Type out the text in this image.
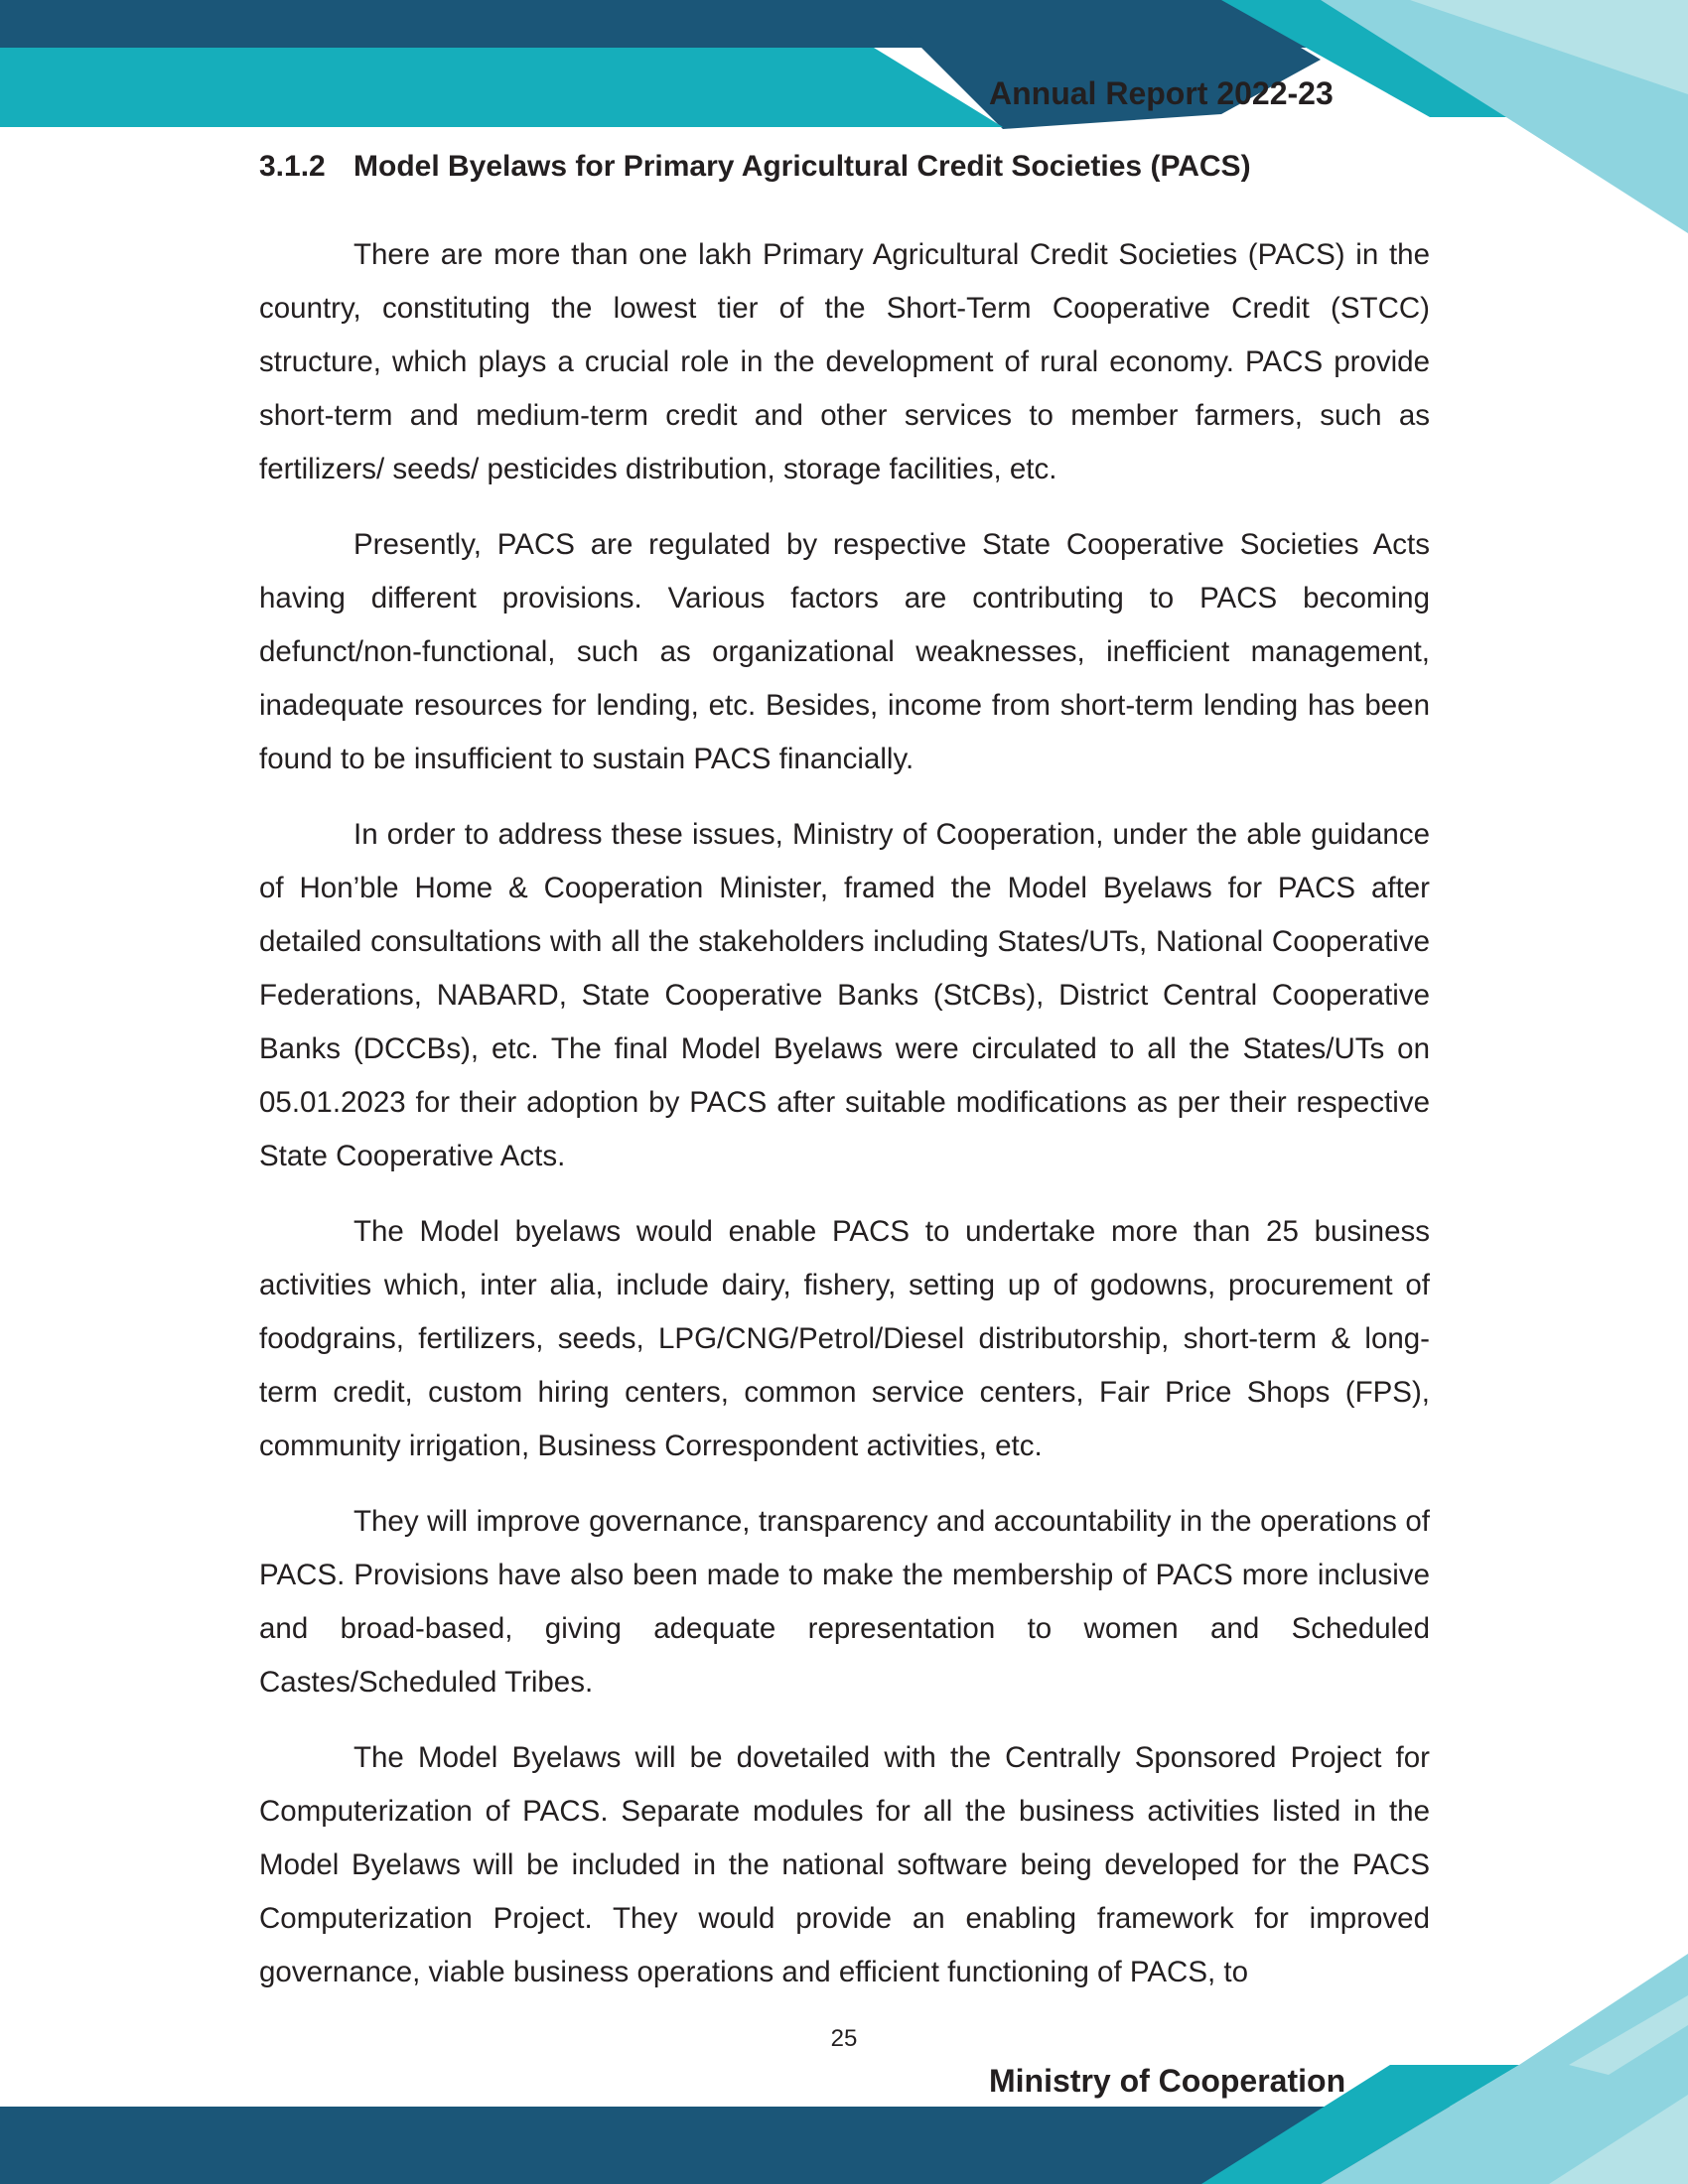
Annual Report 2022-23
3.1.2 Model Byelaws for Primary Agricultural Credit Societies (PACS)

There are more than one lakh Primary Agricultural Credit Societies (PACS) in the country, constituting the lowest tier of the Short-Term Cooperative Credit (STCC) structure, which plays a crucial role in the development of rural economy. PACS provide short-term and medium-term credit and other services to member farmers, such as fertilizers/ seeds/ pesticides distribution, storage facilities, etc.

Presently, PACS are regulated by respective State Cooperative Societies Acts having different provisions. Various factors are contributing to PACS becoming defunct/non-functional, such as organizational weaknesses, inefficient management, inadequate resources for lending, etc. Besides, income from short-term lending has been found to be insufficient to sustain PACS financially.

In order to address these issues, Ministry of Cooperation, under the able guidance of Hon’ble Home & Cooperation Minister, framed the Model Byelaws for PACS after detailed consultations with all the stakeholders including States/UTs, National Cooperative Federations, NABARD, State Cooperative Banks (StCBs), District Central Cooperative Banks (DCCBs), etc. The final Model Byelaws were circulated to all the States/UTs on 05.01.2023 for their adoption by PACS after suitable modifications as per their respective State Cooperative Acts.

The Model byelaws would enable PACS to undertake more than 25 business activities which, inter alia, include dairy, fishery, setting up of godowns, procurement of foodgrains, fertilizers, seeds, LPG/CNG/Petrol/Diesel distributorship, short-term & long-term credit, custom hiring centers, common service centers, Fair Price Shops (FPS), community irrigation, Business Correspondent activities, etc.

They will improve governance, transparency and accountability in the operations of PACS. Provisions have also been made to make the membership of PACS more inclusive and broad-based, giving adequate representation to women and Scheduled Castes/Scheduled Tribes.

The Model Byelaws will be dovetailed with the Centrally Sponsored Project for Computerization of PACS. Separate modules for all the business activities listed in the Model Byelaws will be included in the national software being developed for the PACS Computerization Project. They would provide an enabling framework for improved governance, viable business operations and efficient functioning of PACS, to

25
Ministry of Cooperation
